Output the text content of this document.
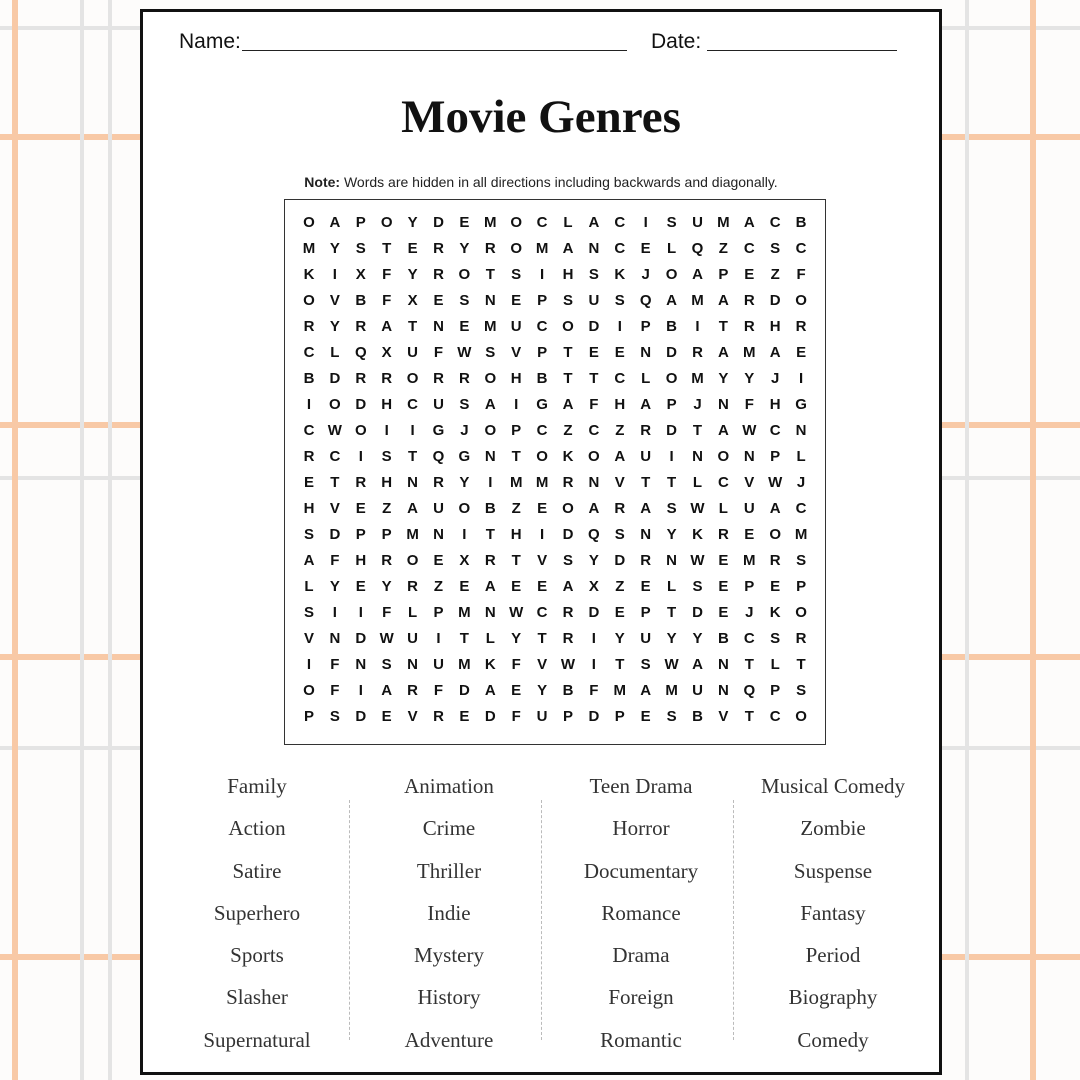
Name:	Date:
Movie Genres
Note: Words are hidden in all directions including backwards and diagonally.
O A	P	O	Y	D	E M O C	L	A	C	I	S	U M A	C	B
M Y	S	T	E	R	Y	R O M A	N	C	E	L	Q	Z	C	S	C
K	I	X	F	Y	R O	T	S	I	H	S	K	J	O A	P	E	Z	F
O	V	B	F	X	E	S	N	E	P	S	U	S	Q A M A	R	D O
R	Y	R	A	T	N	E M U	C O D	I	P	B	I	T	R	H	R
C	L	Q	X	U	F W S	V	P	T	E	E	N	D	R	A M A	E
B	D	R	R O R	R O H	B	T	T	C	L	O M Y	Y	J	I
I	O D	H	C	U	S	A	I	G A	F	H	A	P	J	N	F	H G
C W O	I	I	G	J	O	P	C	Z	C	Z	R	D	T	A W C	N
R	C	I	S	T	Q G N	T	O K O A	U	I	N O N	P	L
E	T	R	H	N	R	Y	I	M M R	N	V	T	T	L	C	V W J
H	V	E	Z	A	U O B	Z	E	O A	R	A	S W L	U	A	C
S	D	P	P M N	I	T	H	I	D Q	S	N	Y	K	R	E	O M
A	F	H	R O	E	X	R	T	V	S	Y	D	R	N W E M R	S
L	Y	E	Y	R	Z	E	A	E	E	A	X	Z	E	L	S	E	P	E	P
S	I	I	F	L	P M N W C	R	D	E	P	T	D	E	J	K O
V	N	D W U	I	T	L	Y	T	R	I	Y	U	Y	Y	B	C	S	R
I	F	N	S	N	U M K	F	V W	I	T	S W A	N	T	L	T
O	F	I	A	R	F	D	A	E	Y	B	F	M A M U	N Q	P	S
P	S	D	E	V	R	E	D	F	U	P	D	P	E	S	B	V	T	C O
Family
Action
Satire
Superhero
Sports
Slasher
Supernatural
Animation
Crime
Thriller
Indie
Mystery
History
Adventure
Teen Drama
Horror
Documentary
Romance
Drama
Foreign
Romantic
Musical Comedy
Zombie
Suspense
Fantasy
Period
Biography
Comedy
